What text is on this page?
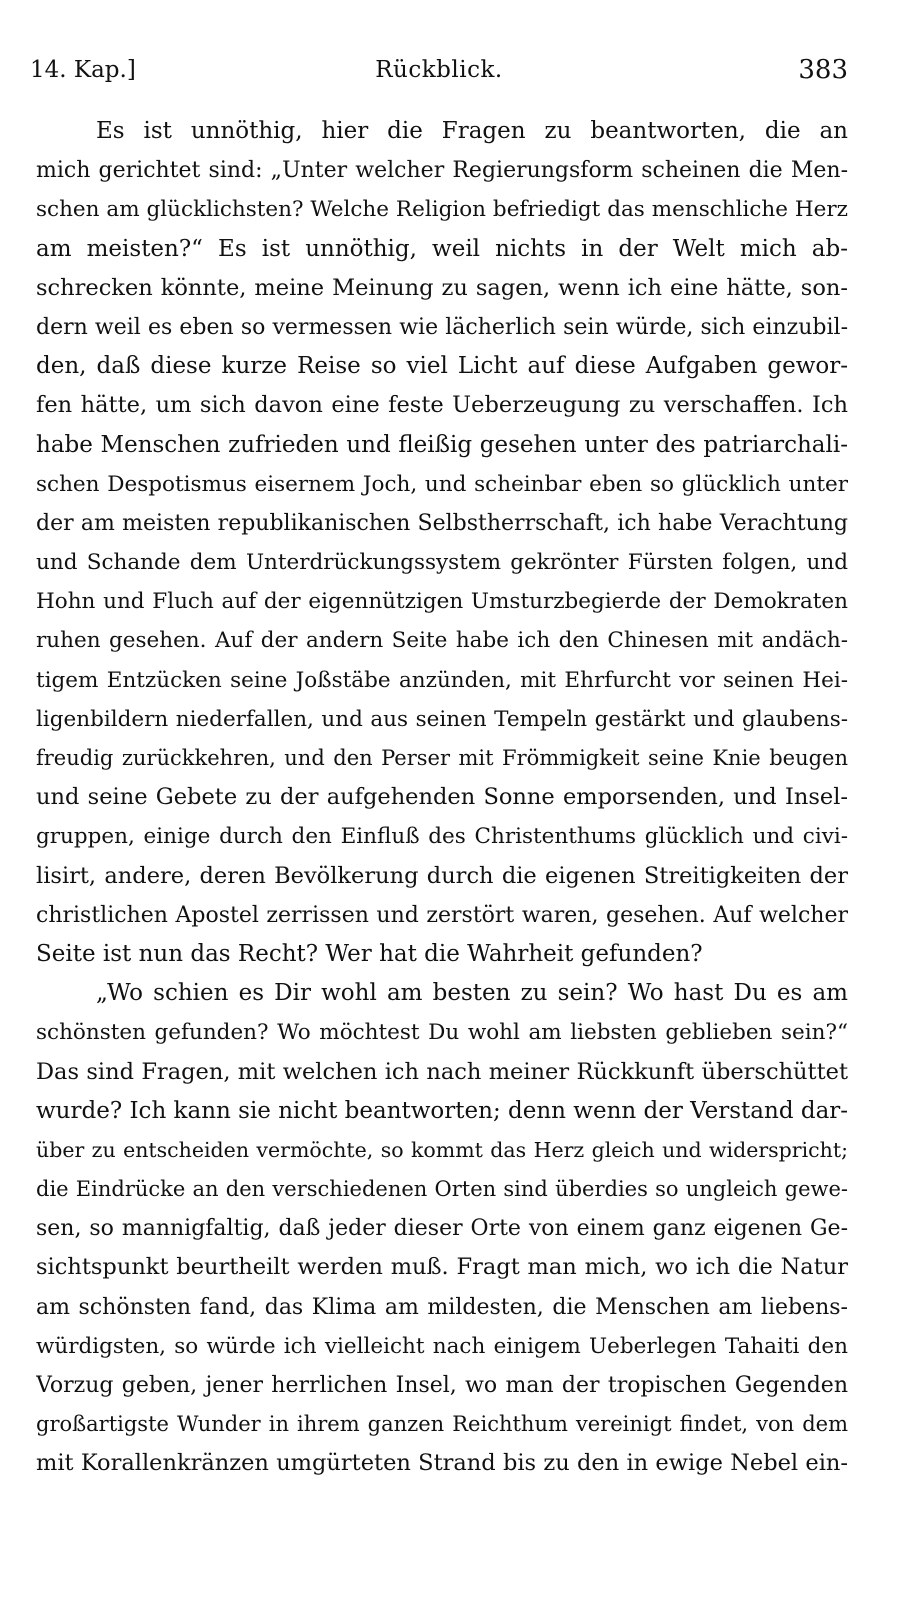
14. Kap.]	Rückblick.	383
Es ist unnöthig, hier die Fragen zu beantworten, die an
mich gerichtet sind: „Unter welcher Regierungsform scheinen die Men-
schen am glücklichsten? Welche Religion befriedigt das menschliche Herz
am meisten?“ Es ist unnöthig, weil nichts in der Welt mich ab-
schrecken könnte, meine Meinung zu sagen, wenn ich eine hätte, son-
dern weil es eben so vermessen wie lächerlich sein würde, sich einzubil-
den, daß diese kurze Reise so viel Licht auf diese Aufgaben gewor-
fen hätte, um sich davon eine feste Ueberzeugung zu verschaffen. Ich
habe Menschen zufrieden und fleißig gesehen unter des patriarchali-
schen Despotismus eisernem Joch, und scheinbar eben so glücklich unter
der am meisten republikanischen Selbstherrschaft, ich habe Verachtung
und Schande dem Unterdrückungssystem gekrönter Fürsten folgen, und
Hohn und Fluch auf der eigennützigen Umsturzbegierde der Demokraten
ruhen gesehen. Auf der andern Seite habe ich den Chinesen mit andäch-
tigem Entzücken seine Joßstäbe anzünden, mit Ehrfurcht vor seinen Hei-
ligenbildern niederfallen, und aus seinen Tempeln gestärkt und glaubens-
freudig zurückkehren, und den Perser mit Frömmigkeit seine Knie beugen
und seine Gebete zu der aufgehenden Sonne emporsenden, und Insel-
gruppen, einige durch den Einfluß des Christenthums glücklich und civi-
lisirt, andere, deren Bevölkerung durch die eigenen Streitigkeiten der
christlichen Apostel zerrissen und zerstört waren, gesehen. Auf welcher
Seite ist nun das Recht? Wer hat die Wahrheit gefunden?
„Wo schien es Dir wohl am besten zu sein? Wo hast Du es am
schönsten gefunden? Wo möchtest Du wohl am liebsten geblieben sein?“
Das sind Fragen, mit welchen ich nach meiner Rückkunft überschüttet
wurde? Ich kann sie nicht beantworten; denn wenn der Verstand dar-
über zu entscheiden vermöchte, so kommt das Herz gleich und widerspricht;
die Eindrücke an den verschiedenen Orten sind überdies so ungleich gewe-
sen, so mannigfaltig, daß jeder dieser Orte von einem ganz eigenen Ge-
sichtspunkt beurtheilt werden muß. Fragt man mich, wo ich die Natur
am schönsten fand, das Klima am mildesten, die Menschen am liebens-
würdigsten, so würde ich vielleicht nach einigem Ueberlegen Tahaiti den
Vorzug geben, jener herrlichen Insel, wo man der tropischen Gegenden
großartigste Wunder in ihrem ganzen Reichthum vereinigt findet, von dem
mit Korallenkränzen umgürteten Strand bis zu den in ewige Nebel ein-
